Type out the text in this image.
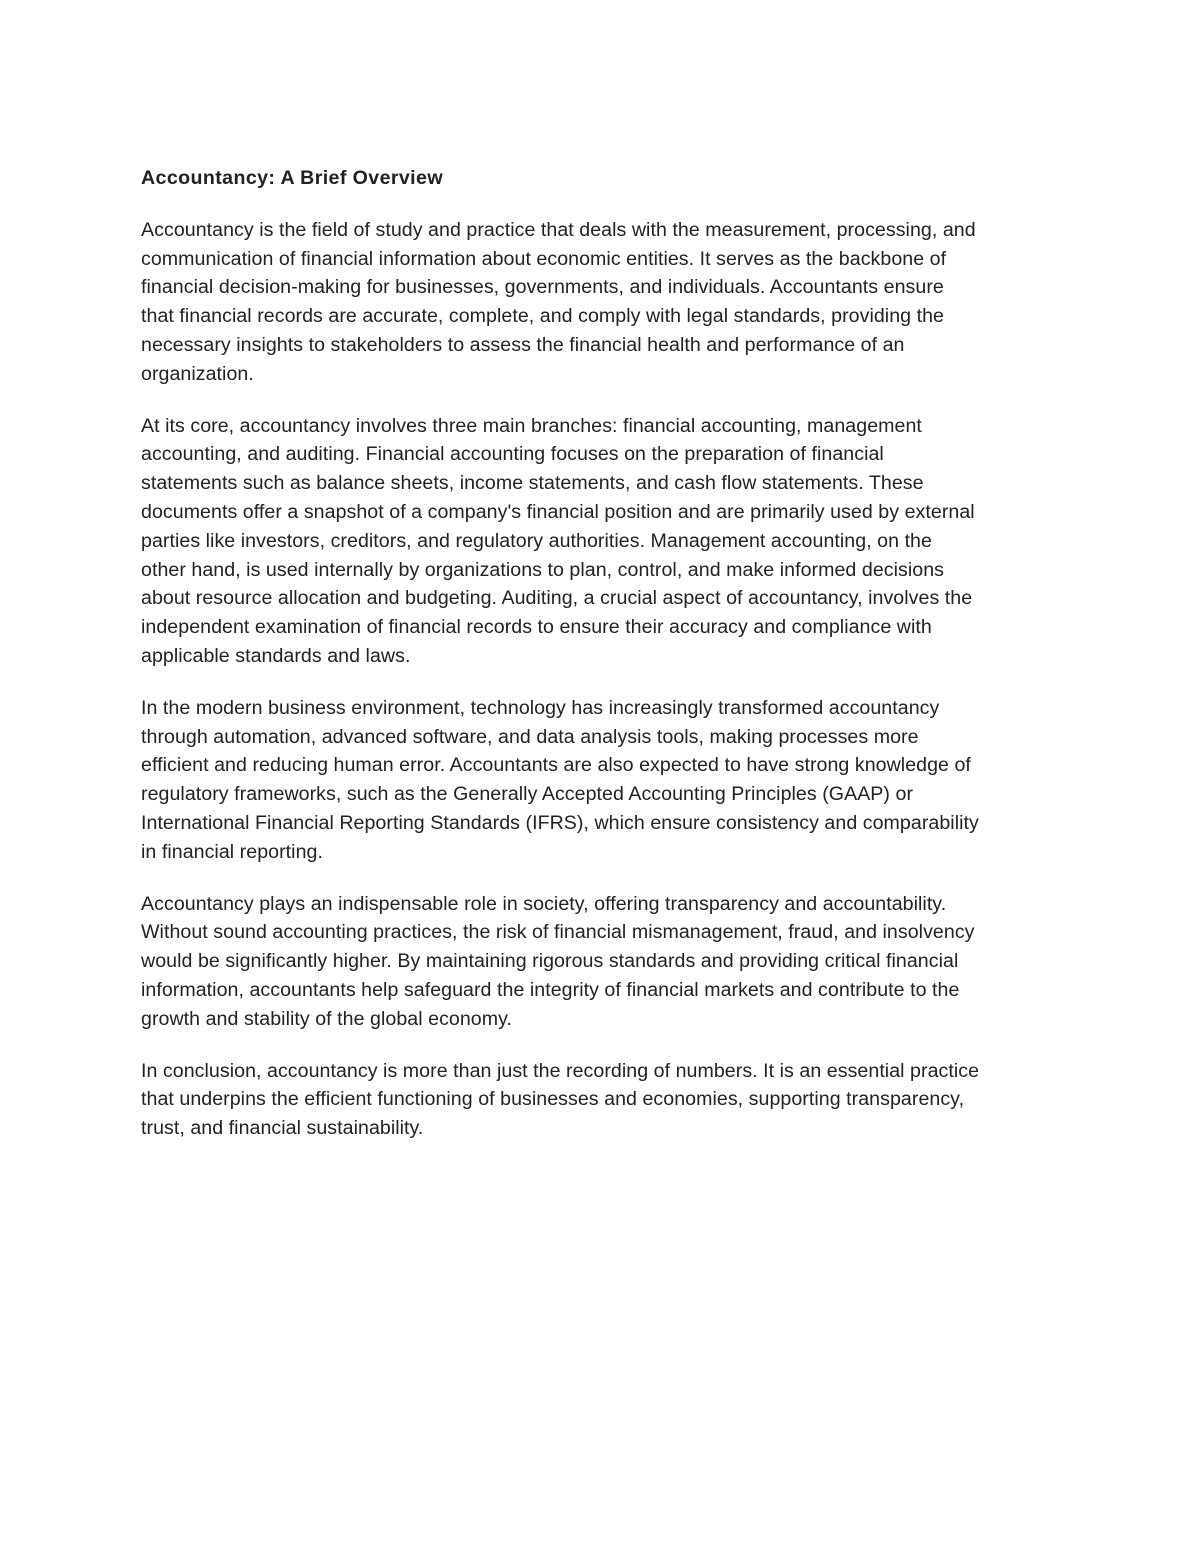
Accountancy: A Brief Overview
Accountancy is the field of study and practice that deals with the measurement, processing, and
communication of financial information about economic entities. It serves as the backbone of
financial decision-making for businesses, governments, and individuals. Accountants ensure
that financial records are accurate, complete, and comply with legal standards, providing the
necessary insights to stakeholders to assess the financial health and performance of an
organization.
At its core, accountancy involves three main branches: financial accounting, management
accounting, and auditing. Financial accounting focuses on the preparation of financial
statements such as balance sheets, income statements, and cash flow statements. These
documents offer a snapshot of a company's financial position and are primarily used by external
parties like investors, creditors, and regulatory authorities. Management accounting, on the
other hand, is used internally by organizations to plan, control, and make informed decisions
about resource allocation and budgeting. Auditing, a crucial aspect of accountancy, involves the
independent examination of financial records to ensure their accuracy and compliance with
applicable standards and laws.
In the modern business environment, technology has increasingly transformed accountancy
through automation, advanced software, and data analysis tools, making processes more
efficient and reducing human error. Accountants are also expected to have strong knowledge of
regulatory frameworks, such as the Generally Accepted Accounting Principles (GAAP) or
International Financial Reporting Standards (IFRS), which ensure consistency and comparability
in financial reporting.
Accountancy plays an indispensable role in society, offering transparency and accountability.
Without sound accounting practices, the risk of financial mismanagement, fraud, and insolvency
would be significantly higher. By maintaining rigorous standards and providing critical financial
information, accountants help safeguard the integrity of financial markets and contribute to the
growth and stability of the global economy.
In conclusion, accountancy is more than just the recording of numbers. It is an essential practice
that underpins the efficient functioning of businesses and economies, supporting transparency,
trust, and financial sustainability.
